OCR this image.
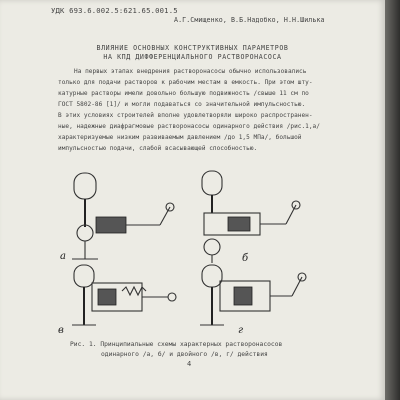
УДК 693.6.002.5:621.65.001.5
А.Г.Смищенко, В.Б.Надобко, Н.Н.Шилька
ВЛИЯНИЕ ОСНОВНЫХ КОНСТРУКТИВНЫХ ПАРАМЕТРОВ
НА КПД ДИФФЕРЕНЦИАЛЬНОГО РАСТВОРОНАСОСА
На первых этапах внедрения растворонасосы обычно использовались
только для подачи растворов к рабочим местам в емкость. При этом шту-
катурные растворы имели довольно большую подвижность /свыше 11 см по
ГОСТ 5802-86 [1]/ и могли подаваться со значительной импульсностью.
В этих условиях строителей вполне удовлетворяли широко распространен-
ные, надежные диафрагмовые растворонасосы одинарного действия /рис.1,а/
характеризуемые низким развиваемым давлением /до 1,5 МПа/, большой
импульсностью подачи, слабой всасывающей способностью.
а	б
в	г
Рис. 1. Принципиальные схемы характерных растворонасосов
одинарного /а, б/ и двойного /в, г/ действия
4
